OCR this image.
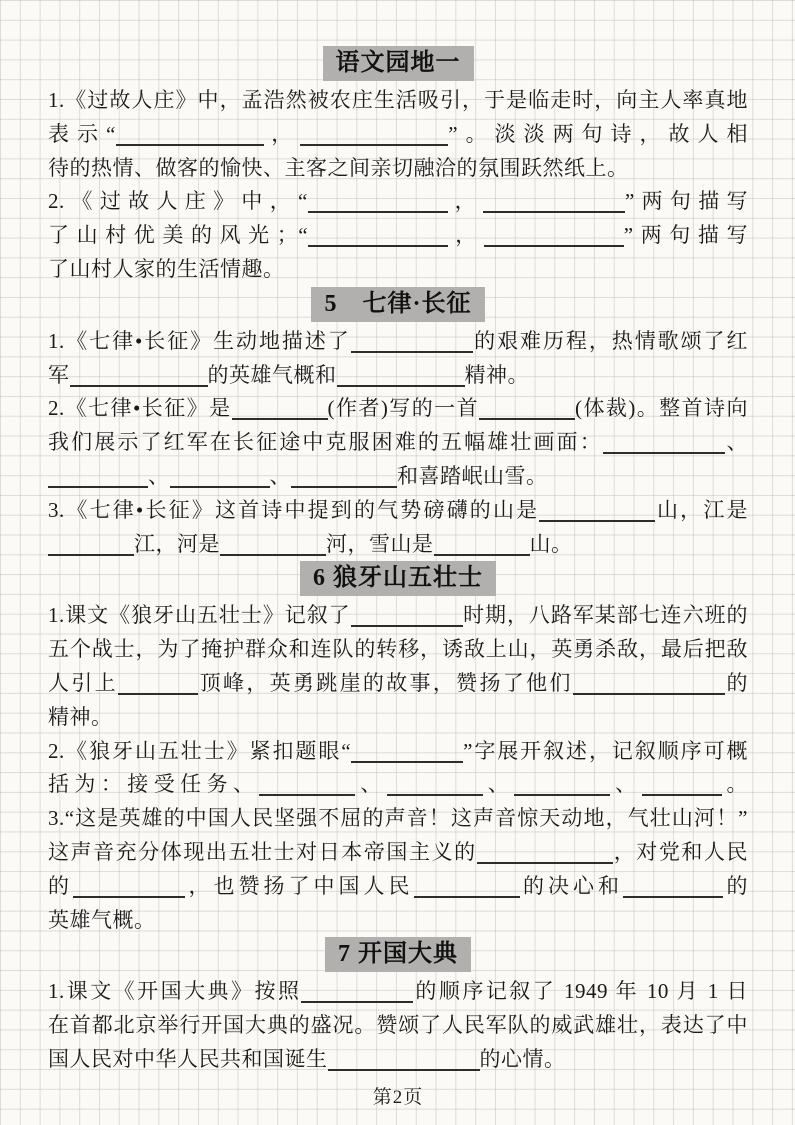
语文园地一
1.《过故人庄》中，孟浩然被农庄生活吸引，于是临走时，向主人率真地
表示“	，	”。淡淡两句诗，故人相
待的热情、做客的愉快、主客之间亲切融洽的氛围跃然纸上。
2.《过故人庄》中，“	，	”两句描写
了山村优美的风光；“	，	”两句描写
了山村人家的生活情趣。
5　七律·长征
1.《七律•长征》生动地描述了	的艰难历程，热情歌颂了红
军	的英雄气概和	精神。
2.《七律•长征》是	(作者)写的一首	(体裁)。整首诗向
我们展示了红军在长征途中克服困难的五幅雄壮画面：	、
、	、	和喜踏岷山雪。
3.《七律•长征》这首诗中提到的气势磅礴的山是	山，江是
江，河是	河，雪山是	山。
6 狼牙山五壮士
1.课文《狼牙山五壮士》记叙了	时期，八路军某部七连六班的
五个战士，为了掩护群众和连队的转移，诱敌上山，英勇杀敌，最后把敌
人引上	顶峰，英勇跳崖的故事，赞扬了他们	的
精神。
2.《狼牙山五壮士》紧扣题眼“	”字展开叙述，记叙顺序可概
括为：接受任务、	、	、	、	。
3.“这是英雄的中国人民坚强不屈的声音！这声音惊天动地，气壮山河！”
这声音充分体现出五壮士对日本帝国主义的	，对党和人民
的	，也赞扬了中国人民	的决心和	的
英雄气概。
7 开国大典
1.课文《开国大典》按照	的顺序记叙了 1949 年 10 月 1 日
在首都北京举行开国大典的盛况。赞颂了人民军队的威武雄壮，表达了中
国人民对中华人民共和国诞生	的心情。
第2页
